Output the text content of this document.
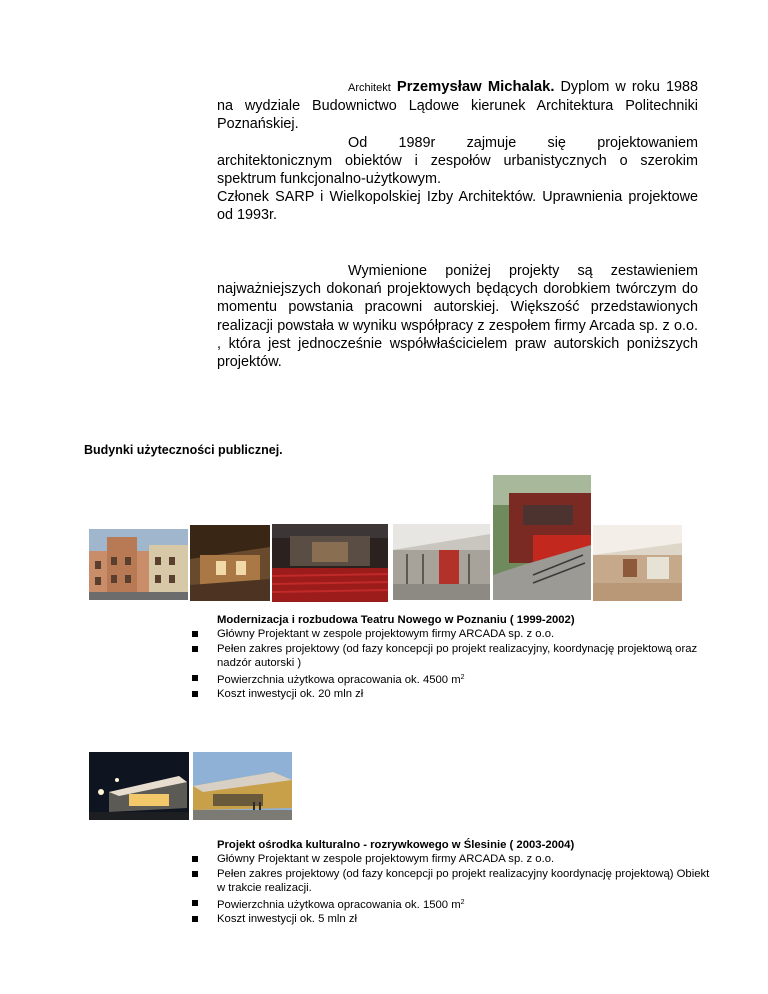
Architekt Przemysław Michalak. Dyplom w roku 1988 na wydziale Budownictwo Lądowe kierunek Architektura Politechniki Poznańskiej.

Od 1989r zajmuje się projektowaniem architektonicznym obiektów i zespołów urbanistycznych o szerokim spektrum funkcjonalno-użytkowym.

Członek SARP i Wielkopolskiej Izby Architektów. Uprawnienia projektowe od 1993r.

Wymienione poniżej projekty są zestawieniem najważniejszych dokonań projektowych będących dorobkiem twórczym do momentu powstania pracowni autorskiej. Większość przedstawionych realizacji powstała w wyniku współpracy z zespołem firmy Arcada sp. z o.o. , która jest jednocześnie współwłaścicielem praw autorskich poniższych projektów.

Budynki użyteczności publicznej.
Modernizacja i rozbudowa Teatru Nowego w Poznaniu ( 1999-2002)
Główny Projektant w zespole projektowym firmy ARCADA sp. z o.o.
Pełen zakres projektowy (od fazy koncepcji po projekt realizacyjny, koordynację projektową oraz nadzór autorski )
Powierzchnia użytkowa opracowania ok. 4500 $m^2$
Koszt inwestycji ok. 20 mln zł
Projekt ośrodka kulturalno - rozrywkowego w Ślesinie ( 2003-2004)
Główny Projektant w zespole projektowym firmy ARCADA sp. z o.o.
Pełen zakres projektowy (od fazy koncepcji po projekt realizacyjny koordynację projektową) Obiekt w trakcie realizacji.
Powierzchnia użytkowa opracowania ok. 1500 $m^2$
Koszt inwestycji ok. 5 mln zł
